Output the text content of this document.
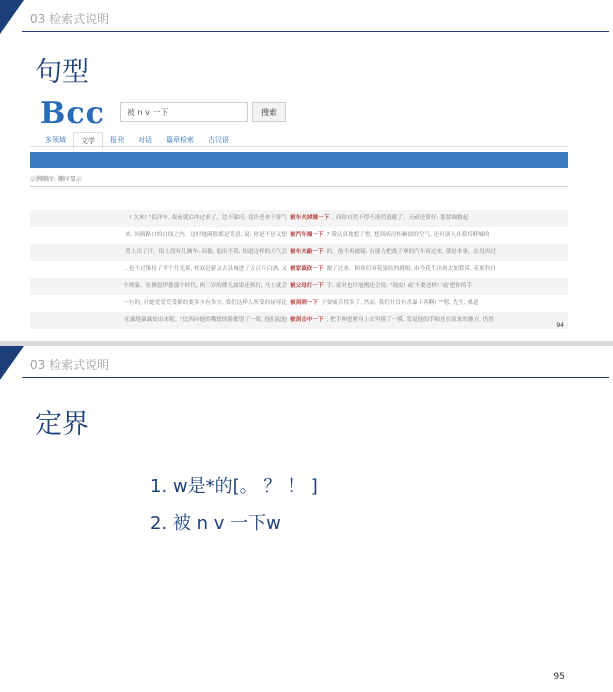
03 检索式说明
句型
Bcc	被 n v 一下	搜索
多领域	文学	报刊	对话	篇章检索	古汉语
示例顺序: 顺序显示
! 欠来! "伯洋车, 戏前就后冲过来了。忽不躲闪, 竟许老来干客气 被车夫掉撞一下 , 而你自然不得不凑然退避了。天顽还算好: 那要调数起
来, 回到路口的白线之内。这时她满脸都是笑意, 说: 你是不是又想 被汽车撞一下 ? 我认真地想了想, 想到病房柜橱窗的空气, 还有别人在我耳畔喊的
背上岀了汗。街上没有几辆车: 闷他, 他出不着, 知道这样的天气会 被车夫敲一下 的。他不再被疑, 有能力把离子拿的汽车再过来, 那是本事。在没再过
, 也不过维持了半个月光景, 柱双赶紧又去县城进了五百斤白酒, 又 被家裁砍一下 覆了过来。顾客们对花果结的挑唱, 由今花生出现太加赞赏, 花果科自
个现象。在佛恩伊德那个时代, 两三岁的婴儿如果还挨打, 马上就会 被父母打一下 手, 说对也许旭刚还会说: "调皮! 或'不要还样! '或'把你的手
一行的, 社她爱爱荒受难的要多少有多少, 我们这样人所受的屈辱比 被剑刺一下 子要痛苦得多了, 然而, 我们并没有杀暴干西啊! ""嗯, 先生, 难道
在露地暴露处出来呢。"比西向他的嘴想的脸都望了一眼, 他们起他 被剑击中一下 , 把手伸进紧身上衣里摸了一摸, 发觉他的手帕还在原来的地方, 仍然
94
03 检索式说明
定界
1. w是*的[。 ？ ！ ]
2. 被 n v 一下w
95
